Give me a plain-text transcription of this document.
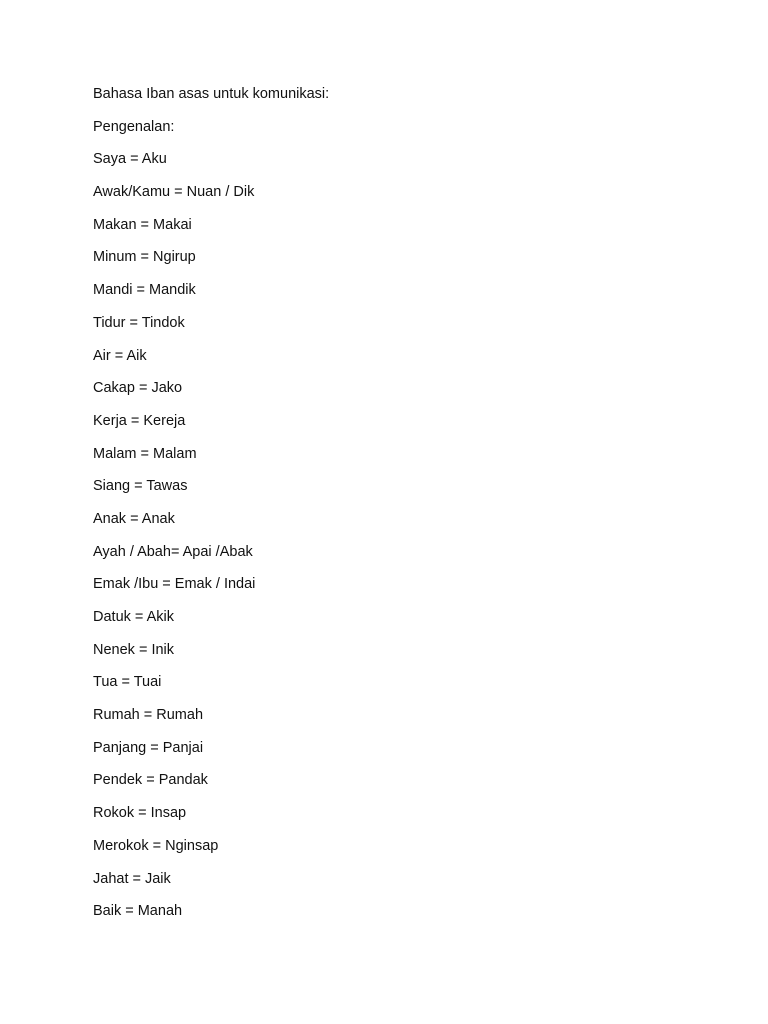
Bahasa Iban asas untuk komunikasi:
Pengenalan:
Saya = Aku
Awak/Kamu = Nuan / Dik
Makan = Makai
Minum = Ngirup
Mandi = Mandik
Tidur = Tindok
Air = Aik
Cakap = Jako
Kerja = Kereja
Malam = Malam
Siang = Tawas
Anak = Anak
Ayah / Abah= Apai /Abak
Emak /Ibu = Emak / Indai
Datuk = Akik
Nenek = Inik
Tua = Tuai
Rumah = Rumah
Panjang = Panjai
Pendek = Pandak
Rokok = Insap
Merokok = Nginsap
Jahat = Jaik
Baik = Manah
